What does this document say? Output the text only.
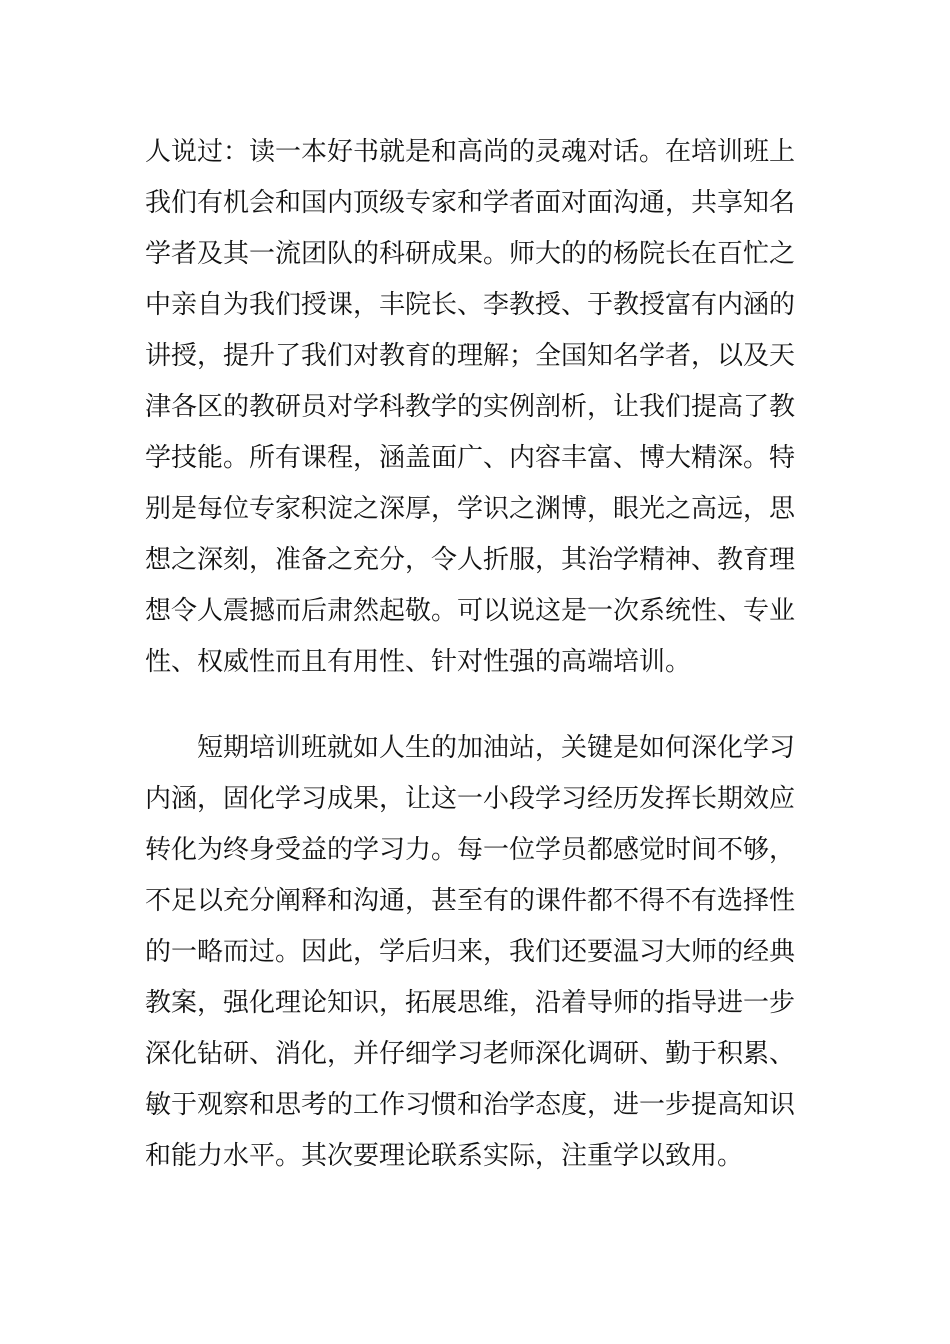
人说过：读一本好书就是和高尚的灵魂对话。在培训班上
我们有机会和国内顶级专家和学者面对面沟通，共享知名
学者及其一流团队的科研成果。师大的的杨院长在百忙之
中亲自为我们授课，丰院长、李教授、于教授富有内涵的
讲授，提升了我们对教育的理解；全国知名学者，以及天
津各区的教研员对学科教学的实例剖析，让我们提高了教
学技能。所有课程，涵盖面广、内容丰富、博大精深。特
别是每位专家积淀之深厚，学识之渊博，眼光之高远，思
想之深刻，准备之充分，令人折服，其治学精神、教育理
想令人震撼而后肃然起敬。可以说这是一次系统性、专业
性、权威性而且有用性、针对性强的高端培训。
短期培训班就如人生的加油站，关键是如何深化学习
内涵，固化学习成果，让这一小段学习经历发挥长期效应
转化为终身受益的学习力。每一位学员都感觉时间不够，
不足以充分阐释和沟通，甚至有的课件都不得不有选择性
的一略而过。因此，学后归来，我们还要温习大师的经典
教案，强化理论知识，拓展思维，沿着导师的指导进一步
深化钻研、消化，并仔细学习老师深化调研、勤于积累、
敏于观察和思考的工作习惯和治学态度，进一步提高知识
和能力水平。其次要理论联系实际，注重学以致用。
